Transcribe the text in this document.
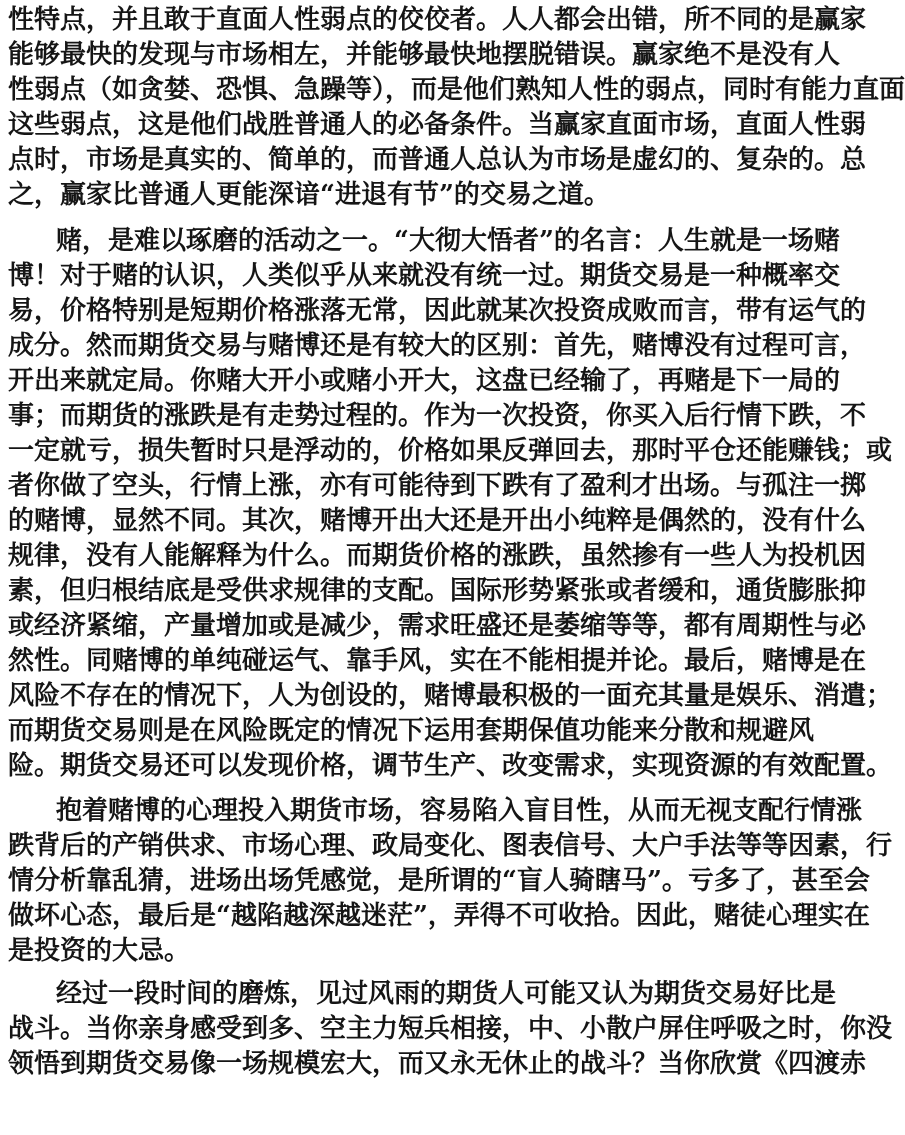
性特点，并且敢于直面人性弱点的佼佼者。人人都会出错，所不同的是赢家
能够最快的发现与市场相左，并能够最快地摆脱错误。赢家绝不是没有人
性弱点（如贪婪、恐惧、急躁等），而是他们熟知人性的弱点，同时有能力直面
这些弱点，这是他们战胜普通人的必备条件。当赢家直面市场，直面人性弱
点时，市场是真实的、简单的，而普通人总认为市场是虚幻的、复杂的。总
之，赢家比普通人更能深谙“进退有节”的交易之道。
赌，是难以琢磨的活动之一。“大彻大悟者”的名言：人生就是一场赌
博！对于赌的认识，人类似乎从来就没有统一过。期货交易是一种概率交
易，价格特别是短期价格涨落无常，因此就某次投资成败而言，带有运气的
成分。然而期货交易与赌博还是有较大的区别：首先，赌博没有过程可言，
开出来就定局。你赌大开小或赌小开大，这盘已经输了，再赌是下一局的
事；而期货的涨跌是有走势过程的。作为一次投资，你买入后行情下跌，不
一定就亏，损失暂时只是浮动的，价格如果反弹回去，那时平仓还能赚钱；或
者你做了空头，行情上涨，亦有可能待到下跌有了盈利才出场。与孤注一掷
的赌博，显然不同。其次，赌博开出大还是开出小纯粹是偶然的，没有什么
规律，没有人能解释为什么。而期货价格的涨跌，虽然掺有一些人为投机因
素，但归根结底是受供求规律的支配。国际形势紧张或者缓和，通货膨胀抑
或经济紧缩，产量增加或是减少，需求旺盛还是萎缩等等，都有周期性与必
然性。同赌博的单纯碰运气、靠手风，实在不能相提并论。最后，赌博是在
风险不存在的情况下，人为创设的，赌博最积极的一面充其量是娱乐、消遣；
而期货交易则是在风险既定的情况下运用套期保值功能来分散和规避风
险。期货交易还可以发现价格，调节生产、改变需求，实现资源的有效配置。
抱着赌博的心理投入期货市场，容易陷入盲目性，从而无视支配行情涨
跌背后的产销供求、市场心理、政局变化、图表信号、大户手法等等因素，行
情分析靠乱猜，进场出场凭感觉，是所谓的“盲人骑瞎马”。亏多了，甚至会
做坏心态，最后是“越陷越深越迷茫”，弄得不可收拾。因此，赌徒心理实在
是投资的大忌。
经过一段时间的磨炼，见过风雨的期货人可能又认为期货交易好比是
战斗。当你亲身感受到多、空主力短兵相接，中、小散户屏住呼吸之时，你没
领悟到期货交易像一场规模宏大，而又永无休止的战斗？当你欣赏《四渡赤
